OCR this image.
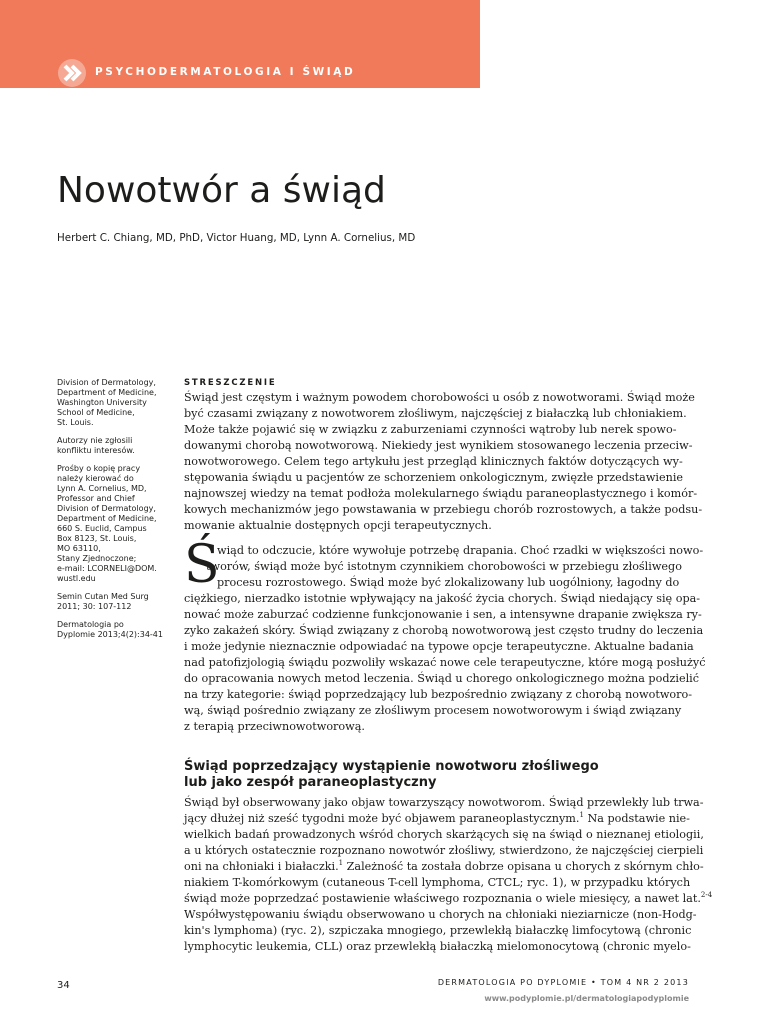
PSYCHODERMATOLOGIA I ŚWIĄD
Nowotwór a świąd
Herbert C. Chiang, MD, PhD, Victor Huang, MD, Lynn A. Cornelius, MD
Division of Dermatology,
Department of Medicine,
Washington University
School of Medicine,
St. Louis.
Autorzy nie zgłosili
konfliktu interesów.
Prośby o kopię pracy
należy kierować do
Lynn A. Cornelius, MD,
Professor and Chief
Division of Dermatology,
Department of Medicine,
660 S. Euclid, Campus
Box 8123, St. Louis,
MO 63110,
Stany Zjednoczone;
e-mail: LCORNELI@DOM.
wustl.edu
Semin Cutan Med Surg
2011; 30: 107-112
Dermatologia po
Dyplomie 2013;4(2):34-41
STRESZCZENIE
Świąd jest częstym i ważnym powodem chorobowości u osób z nowotworami. Świąd może
być czasami związany z nowotworem złośliwym, najczęściej z białaczką lub chłoniakiem.
Może także pojawić się w związku z zaburzeniami czynności wątroby lub nerek spowo-
dowanymi chorobą nowotworową. Niekiedy jest wynikiem stosowanego leczenia przeciw-
nowotworowego. Celem tego artykułu jest przegląd klinicznych faktów dotyczących wy-
stępowania świądu u pacjentów ze schorzeniem onkologicznym, zwięzłe przedstawienie
najnowszej wiedzy na temat podłoża molekularnego świądu paraneoplastycznego i komór-
kowych mechanizmów jego powstawania w przebiegu chorób rozrostowych, a także podsu-
mowanie aktualnie dostępnych opcji terapeutycznych.
Ś
wiąd to odczucie, które wywołuje potrzebę drapania. Choć rzadki w większości nowo-
tworów, świąd może być istotnym czynnikiem chorobowości w przebiegu złośliwego
procesu rozrostowego. Świąd może być zlokalizowany lub uogólniony, łagodny do
ciężkiego, nierzadko istotnie wpływający na jakość życia chorych. Świąd niedający się opa-
nować może zaburzać codzienne funkcjonowanie i sen, a intensywne drapanie zwiększa ry-
zyko zakażeń skóry. Świąd związany z chorobą nowotworową jest często trudny do leczenia
i może jedynie nieznacznie odpowiadać na typowe opcje terapeutyczne. Aktualne badania
nad patofizjologią świądu pozwoliły wskazać nowe cele terapeutyczne, które mogą posłużyć
do opracowania nowych metod leczenia. Świąd u chorego onkologicznego można podzielić
na trzy kategorie: świąd poprzedzający lub bezpośrednio związany z chorobą nowotworo-
wą, świąd pośrednio związany ze złośliwym procesem nowotworowym i świąd związany
z terapią przeciwnowotworową.
Świąd poprzedzający wystąpienie nowotworu złośliwego
lub jako zespół paraneoplastyczny
Świąd był obserwowany jako objaw towarzyszący nowotworom. Świąd przewlekły lub trwa-
jący dłużej niż sześć tygodni może być objawem paraneoplastycznym.$^1$ Na podstawie nie-
wielkich badań prowadzonych wśród chorych skarżących się na świąd o nieznanej etiologii,
a u których ostatecznie rozpoznano nowotwór złośliwy, stwierdzono, że najczęściej cierpieli
oni na chłoniaki i białaczki.$^1$ Zależność ta została dobrze opisana u chorych z skórnym chło-
niakiem T-komórkowym (cutaneous T-cell lymphoma, CTCL; ryc. 1), w przypadku których
świąd może poprzedzać postawienie właściwego rozpoznania o wiele miesięcy, a nawet lat.$^{2-4}$
Współwystępowaniu świądu obserwowano u chorych na chłoniaki nieziarnicze (non-Hodg-
kin's lymphoma) (ryc. 2), szpiczaka mnogiego, przewlekłą białaczkę limfocytową (chronic
lymphocytic leukemia, CLL) oraz przewlekłą białaczką mielomonocytową (chronic myelo-
34	DERMATOLOGIA PO DYPLOMIE • TOM 4 NR 2 2013
www.podyplomie.pl/dermatologiapodyplomie
